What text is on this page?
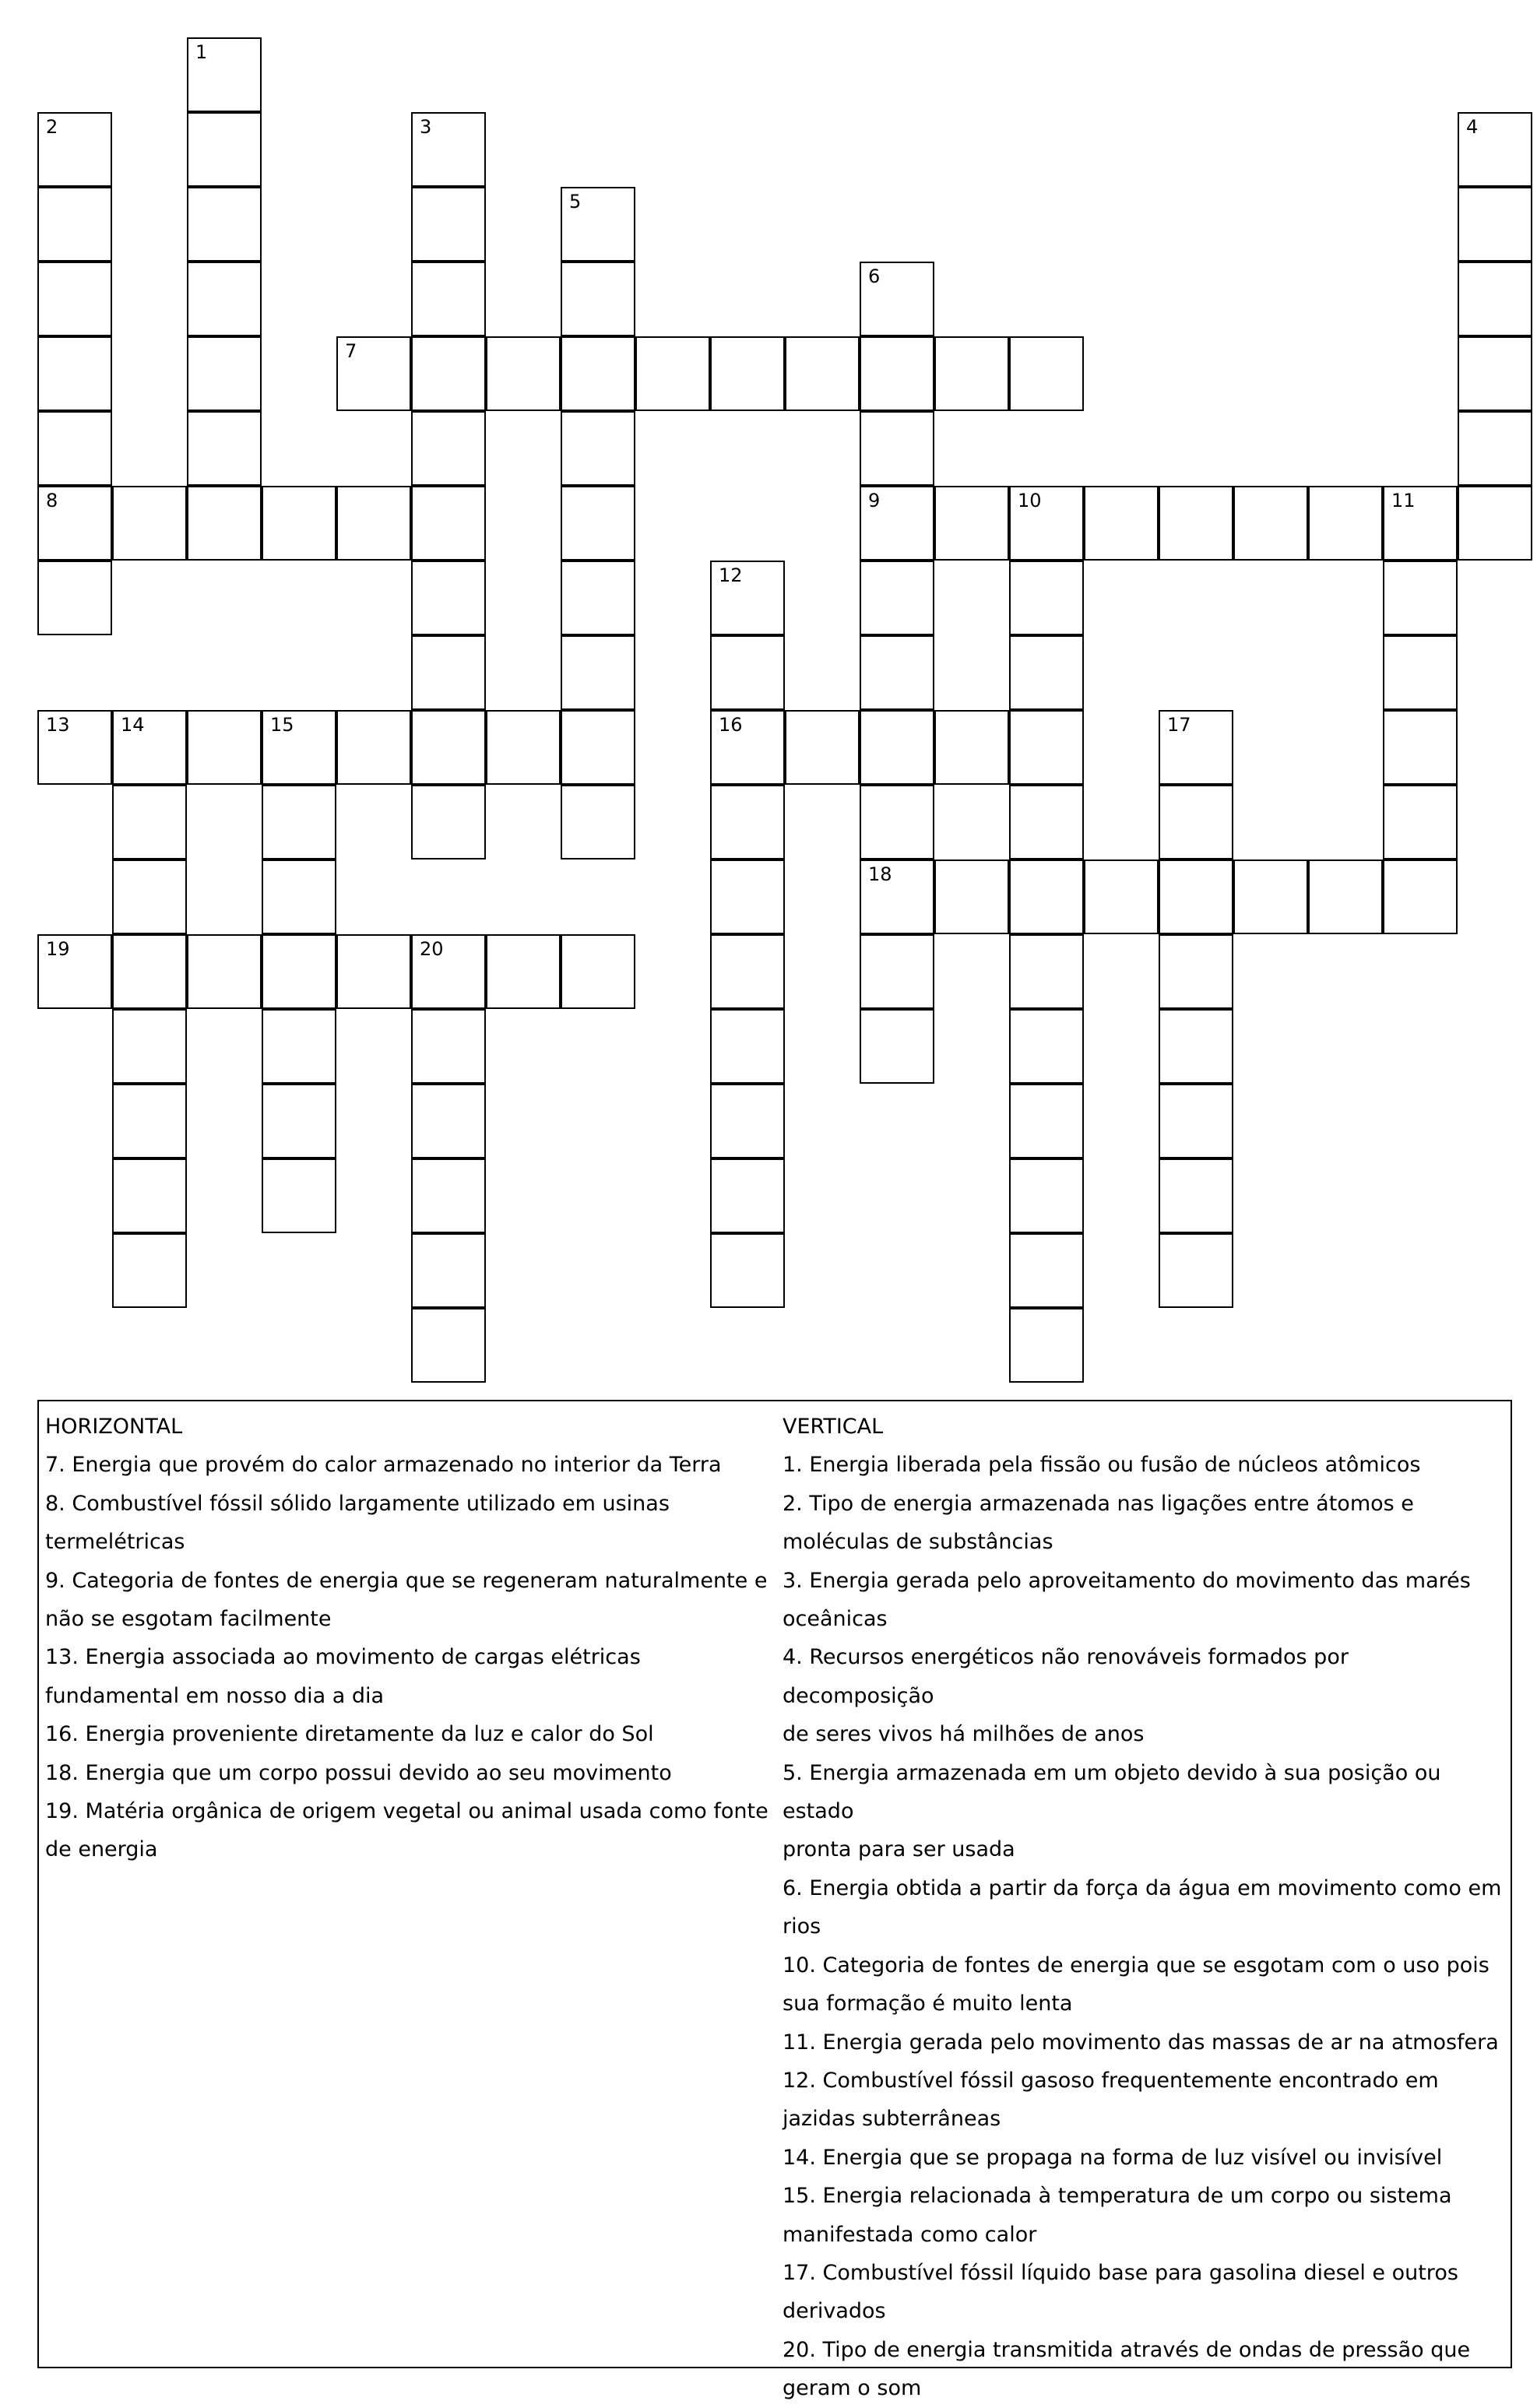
1
2
8
3	4
5
6
9
18
7
10	11
12
16
13	14	15	17
19	20
HORIZONTAL
7. Energia que provém do calor armazenado no interior da Terra
8. Combustível fóssil sólido largamente utilizado em usinas
termelétricas
9. Categoria de fontes de energia que se regeneram naturalmente e
não se esgotam facilmente
13. Energia associada ao movimento de cargas elétricas
fundamental em nosso dia a dia
16. Energia proveniente diretamente da luz e calor do Sol
18. Energia que um corpo possui devido ao seu movimento
19. Matéria orgânica de origem vegetal ou animal usada como fonte
de energia
VERTICAL
1. Energia liberada pela fissão ou fusão de núcleos atômicos
2. Tipo de energia armazenada nas ligações entre átomos e
moléculas de substâncias
3. Energia gerada pelo aproveitamento do movimento das marés
oceânicas
4. Recursos energéticos não renováveis formados por decomposição
de seres vivos há milhões de anos
5. Energia armazenada em um objeto devido à sua posição ou estado
pronta para ser usada
6. Energia obtida a partir da força da água em movimento como em
rios
10. Categoria de fontes de energia que se esgotam com o uso pois
sua formação é muito lenta
11. Energia gerada pelo movimento das massas de ar na atmosfera
12. Combustível fóssil gasoso frequentemente encontrado em
jazidas subterrâneas
14. Energia que se propaga na forma de luz visível ou invisível
15. Energia relacionada à temperatura de um corpo ou sistema
manifestada como calor
17. Combustível fóssil líquido base para gasolina diesel e outros
derivados
20. Tipo de energia transmitida através de ondas de pressão que
geram o som
